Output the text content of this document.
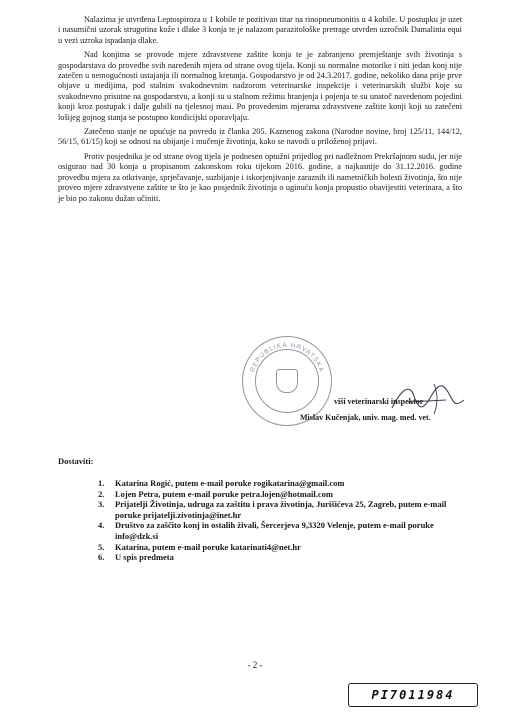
Nalazima je utvrđena Leptospiroza u 1 kobile te pozitivan titar na rinopneumonitis u 4 kobile. U postupku je uzet i nasumični uzorak strugotina kože i dlake 3 konja te je nalazom parazitološke pretrage utvrđen uzročnik Damalinia equi u vezi uzroka ispadanja dlake.

Nad konjima se provode mjere zdravstvene zaštite konja te je zabranjeno premještanje svih životinja s gospodarstava do provedbe svih naređenih mjera od strane ovog tijela. Konji su normalne motorike i niti jedan konj nije zatečen u nemogućnosti ustajanja ili normalnog kretanja. Gospodarstvo je od 24.3.2017. godine, nekoliko dana prije prvе objave u medijima, pod stalnim svakodnevnim nadzorom veterinarske inspekcije i veterinarskih službi koje su svakodnevno prisutne na gospodarstvu, a konji su u stalnom režimu hranjenja i pojenja te su unatoč navedenom pojedini konji kroz postupak i dalje gubili na tjelesnoj masi. Po provedenim mjerama zdravstvene zaštite konji koji su zatečeni lošijeg gojnog stanja se postupno kondicijski oporavljaju.

Zatečeno stanje ne upućuje na povredu iz članka 205. Kaznenog zakona (Narodne novine, broj 125/11, 144/12, 56/15, 61/15) koji se odnosi na ubijanje i mučenje životinja, kako se navodi u priloženoj prijavi.

Protiv posjednika je od strane ovog tijela je podnesen optužni prijedlog pri nadležnom Prekršajnom sudu, jer nije osigurao nad 30 konja u propisanom zakonskom roku tijekom 2016. godine, a najkasnije do 31.12.2016. godine provedbu mjera za otkrivanje, sprječavanje, suzbijanje i iskorjenjivanje zaraznih ili nametničkih bolesti životinja, što nije proveo mjere zdravstvene zaštite te što je kao posjednik životinja o uginuću konja propustio obavijestiti veterinara, a što je bio po zakonu dužan učiniti.

REPUBLIKA HRVATSKA
viši veterinarski inspektor
Mislav Kučenjak, univ. mag. med. vet.
Dostaviti:
1. Katarina Rogić, putem e-mail poruke rogikatarina@gmail.com
2. Lojen Petra, putem e-mail poruke petra.lojen@hotmail.com
3. Prijatelji Životinja, udruga za zaštitu i prava životinja, Jurišićeva 25, Zagreb, putem e-mail poruke prijatelji.zivotinja@inet.hr
4. Društvo za zaščito konj in ostalih živali, Šercerjeva 9,3320 Velenje, putem e-mail poruke info@dzk.si
5. Katarina, putem e-mail poruke katarinati4@net.hr
6. U spis predmeta
- 2 -
PI7011984
